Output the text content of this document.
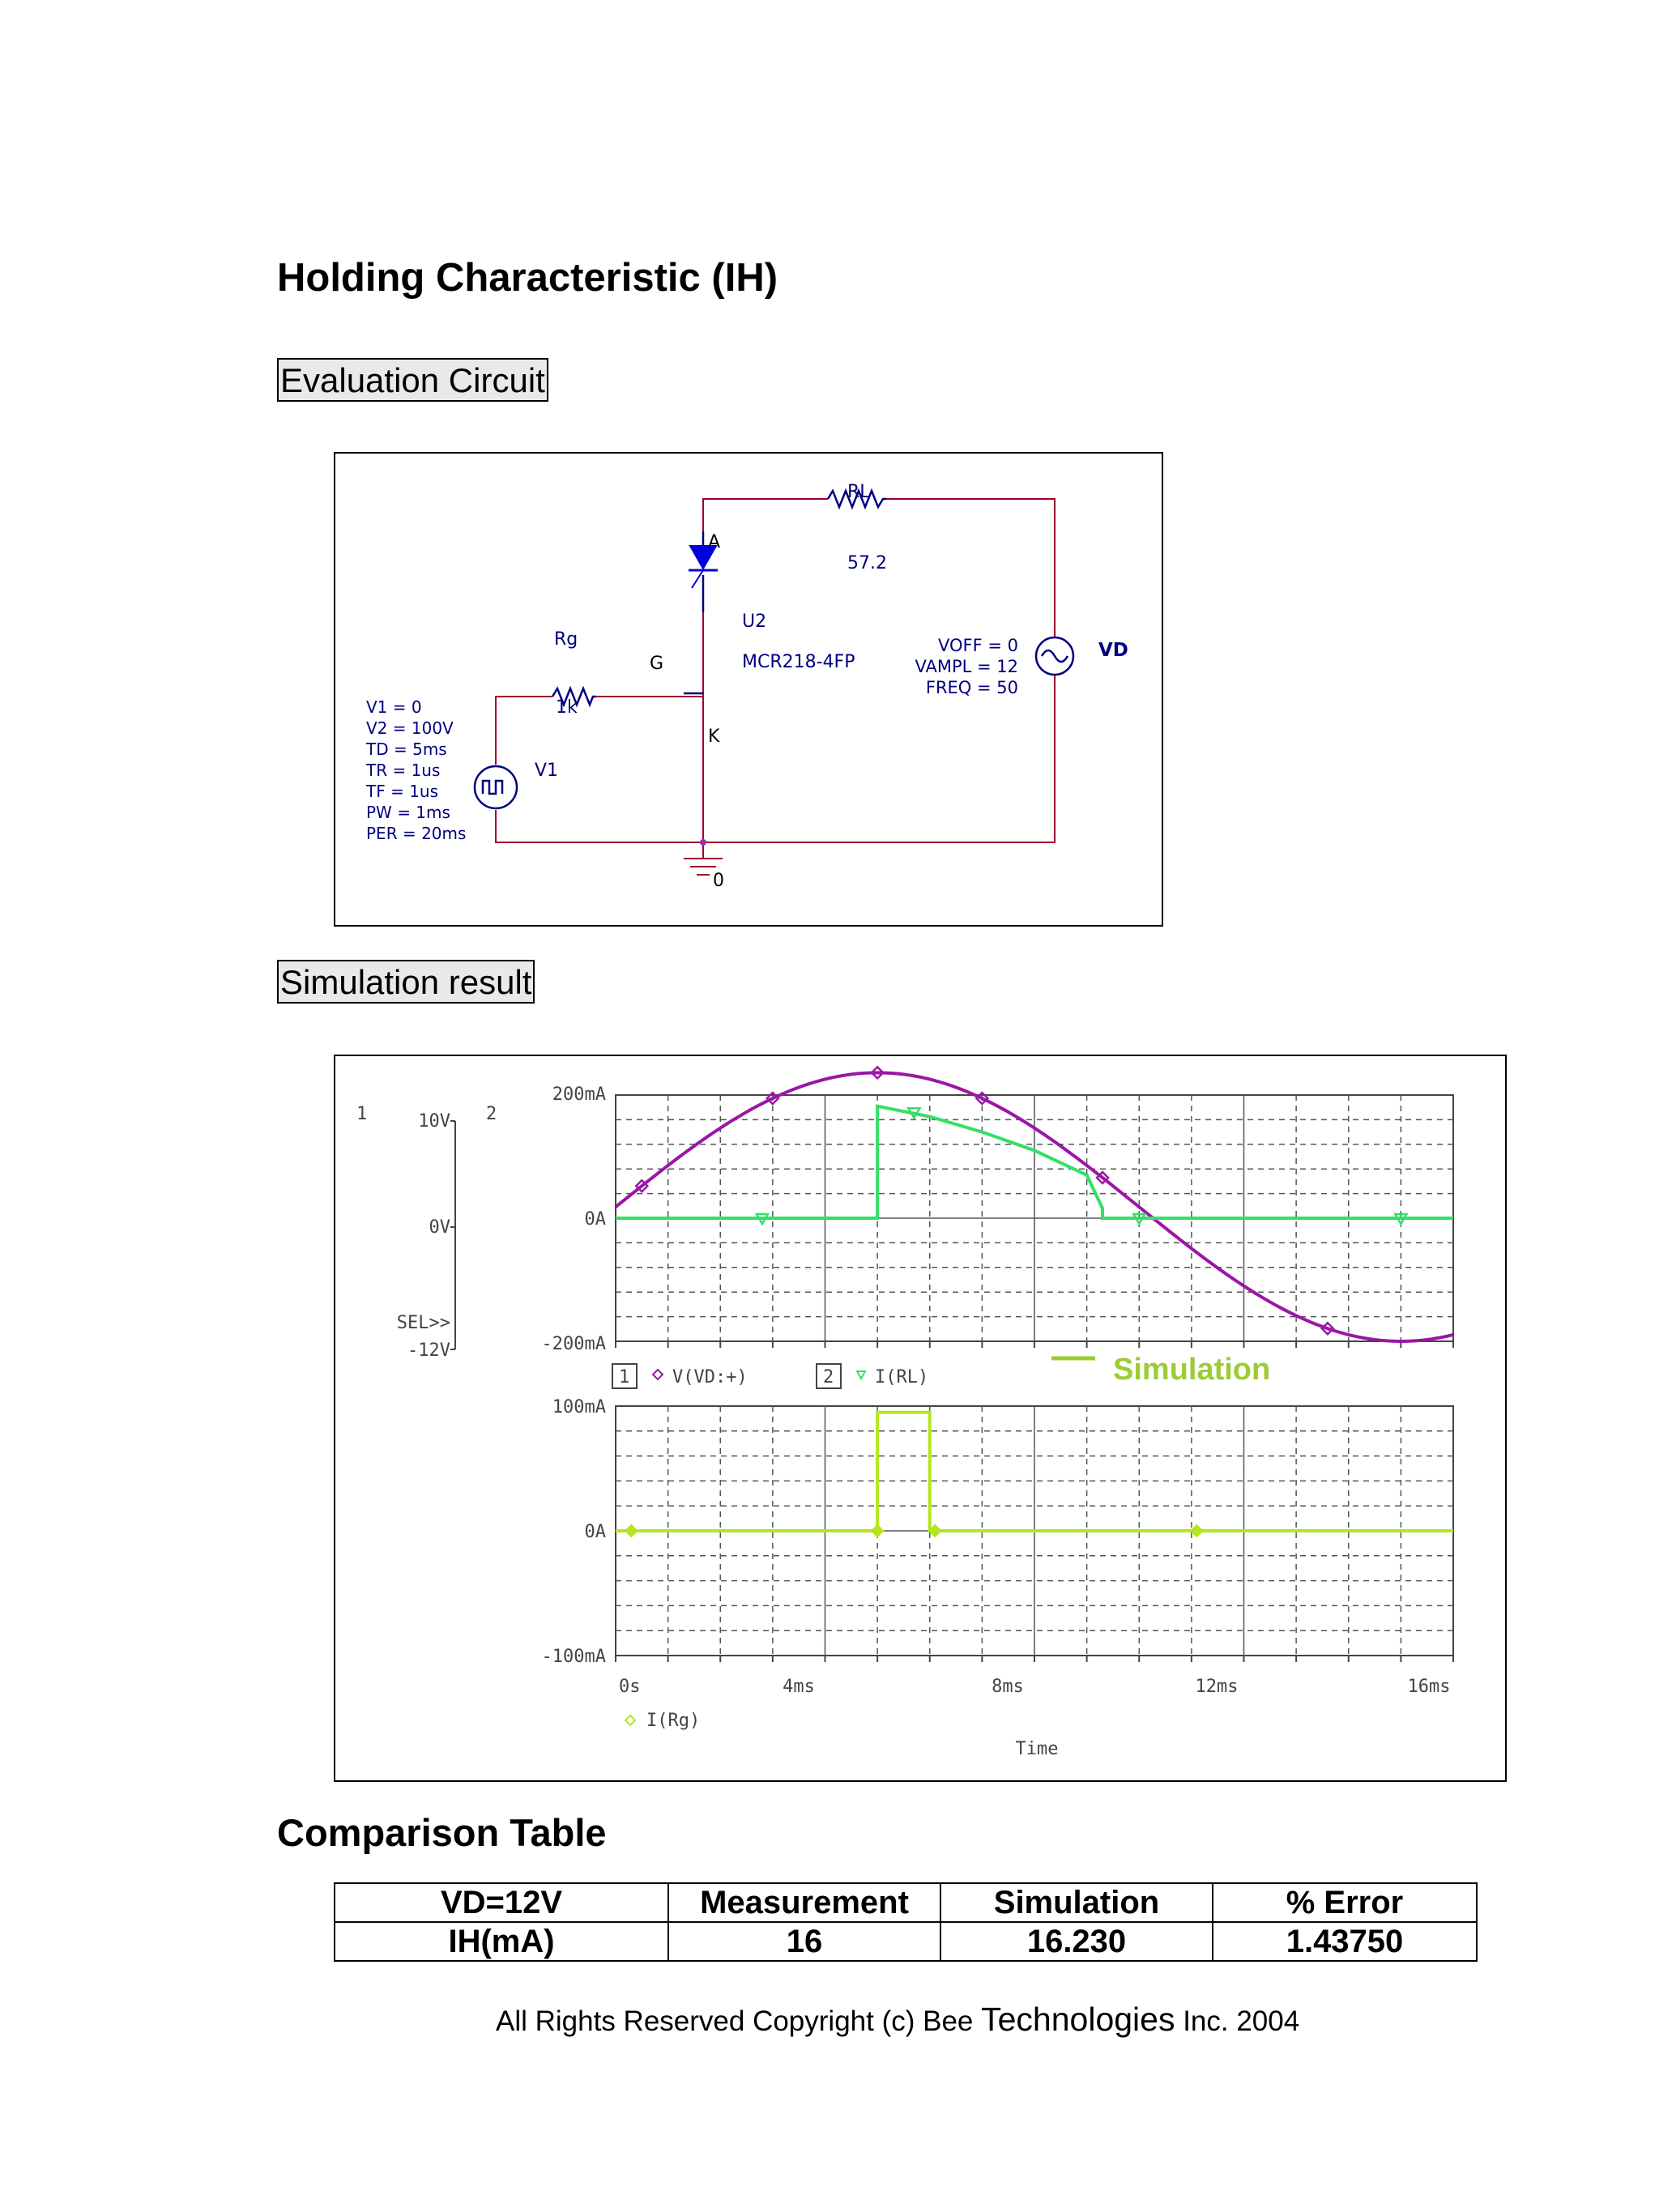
Holding Characteristic (IH)
Evaluation Circuit
RL
57.2
A
U2
MCR218-4FP
G
K
Rg
1k
VD
V1
0
VOFF = 0
VAMPL = 12
FREQ = 50
V1 = 0
V2 = 100V
TD = 5ms
TR = 1us
TF = 1us
PW = 1ms
PER = 20ms
Simulation result
1	2
10V
0V
-12V
SEL>>
200mA
0A
-200mA
100mA
0A
-100mA
0s	4ms	8ms	12ms	16ms
Time
1 V(VD:+)	2 I(RL)
I(Rg)
Simulation
Comparison Table
VD=12V	Measurement	Simulation	% Error
IH(mA)	16	16.230	1.43750
All Rights Reserved Copyright (c) Bee Technologies Inc. 2004
